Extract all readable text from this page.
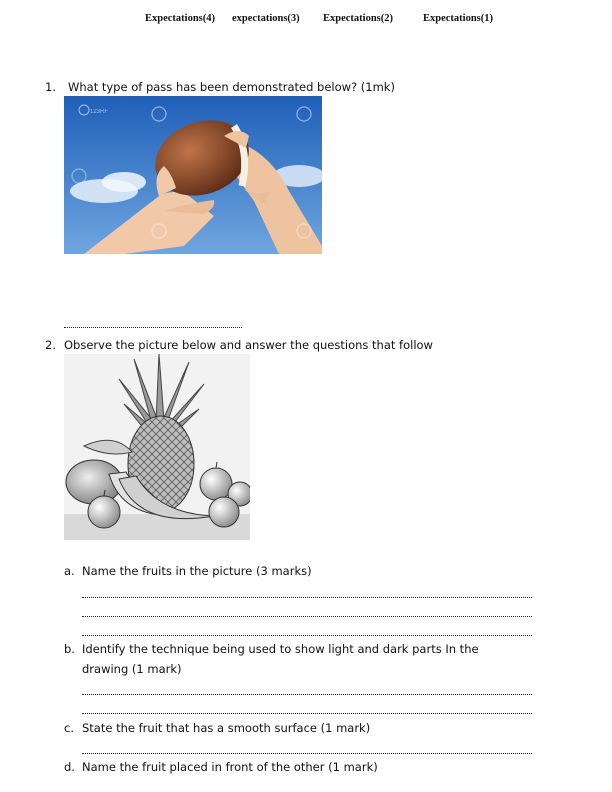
Expectations(4) expectations(3) Expectations(2)	Expectations(1)
1. What type of pass has been demonstrated below? (1mk)
123RF
2. Observe the picture below and answer the questions that follow
a. Name the fruits in the picture (3 marks)
b. Identify the technique being used to show light and dark parts In the
drawing (1 mark)
c. State the fruit that has a smooth surface (1 mark)
d. Name the fruit placed in front of the other (1 mark)
